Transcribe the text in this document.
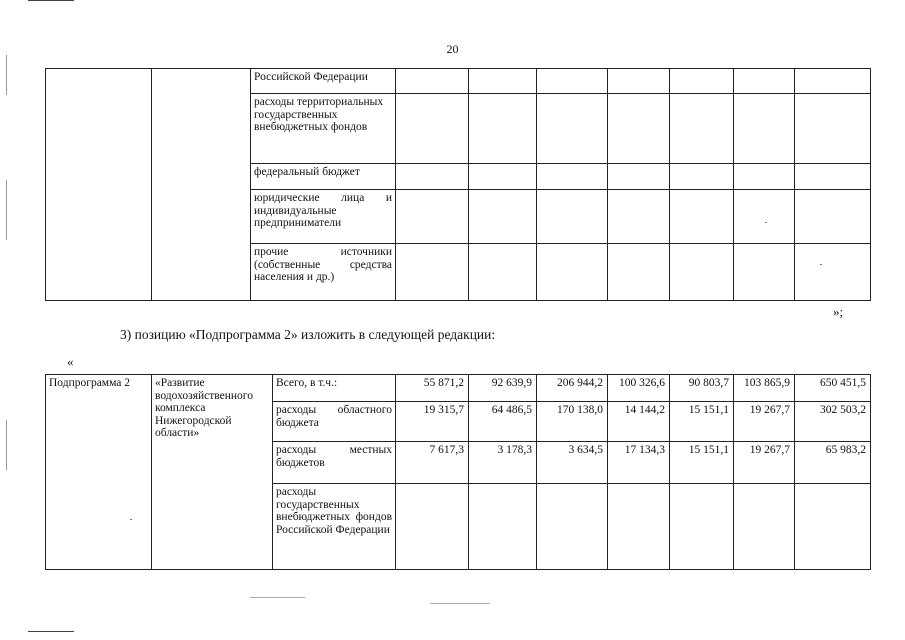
20
		Российской Федерации							
		расходы территориальных государственных внебюджетных фондов							
		федеральный бюджет							
		юридические лица и индивидуальные предприниматели							
		прочие источники (собственные средства населения и др.)							
»;
3) позицию «Подпрограмма 2» изложить в следующей редакции:
«
Подпрограмма 2	«Развитие водохозяйственного комплекса Нижегородской области»	Всего, в т.ч.:	55 871,2	92 639,9	206 944,2	100 326,6	90 803,7	103 865,9	650 451,5
		расходы областного бюджета	19 315,7	64 486,5	170 138,0	14 144,2	15 151,1	19 267,7	302 503,2
		расходы местных бюджетов	7 617,3	3 178,3	3 634,5	17 134,3	15 151,1	19 267,7	65 983,2
		расходы государственных внебюджетных фондов Российской Федерации							
